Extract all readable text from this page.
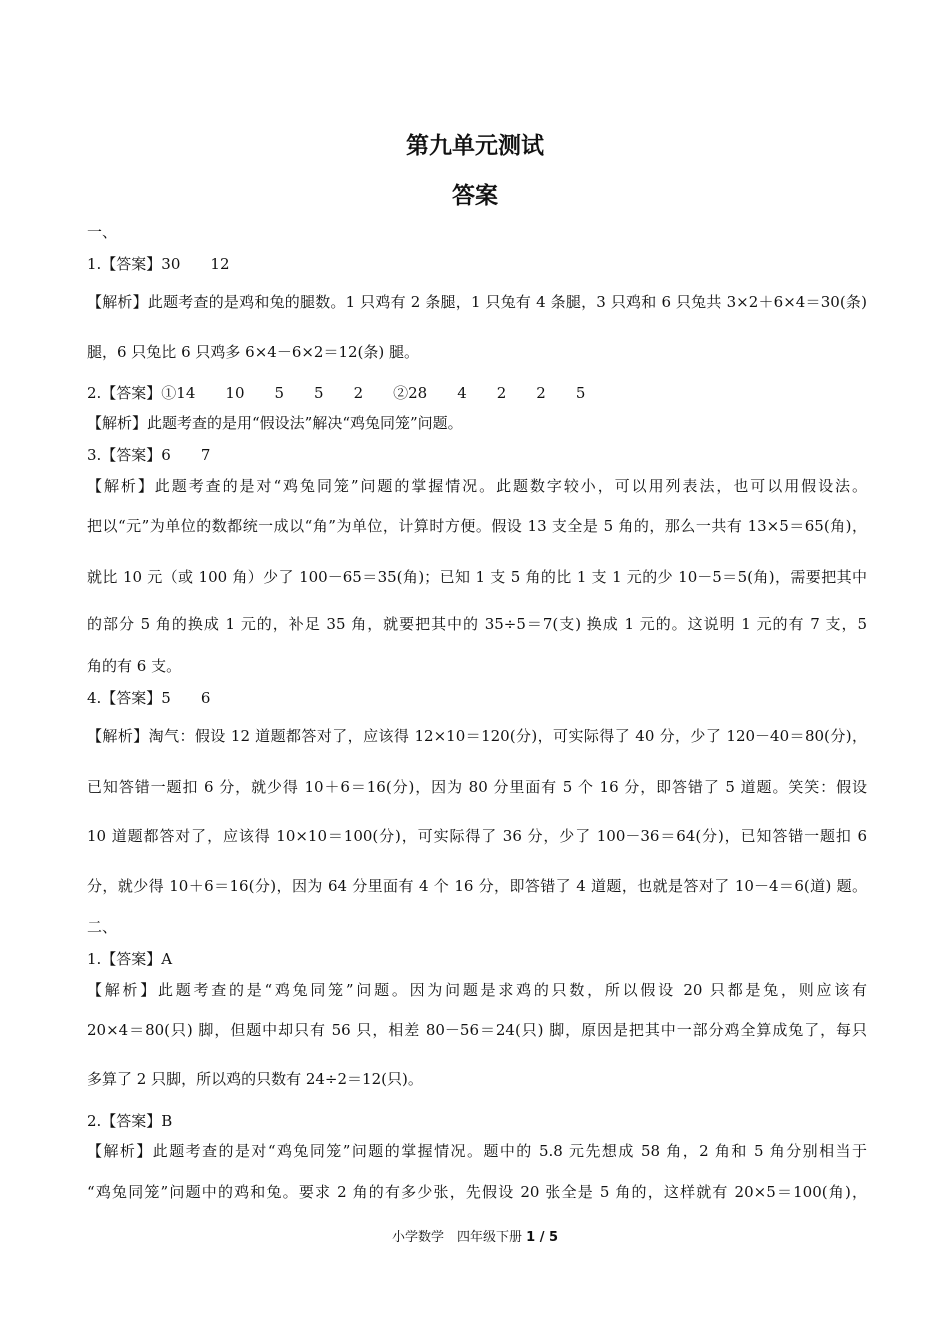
第九单元测试
答案
一、
1.【答案】30　　12
【解析】此题考查的是鸡和兔的腿数。1 只鸡有 2 条腿，1 只兔有 4 条腿，3 只鸡和 6 只兔共 3×2＋6×4＝30(条)
腿，6 只兔比 6 只鸡多 6×4－6×2＝12(条) 腿。
2.【答案】①14　　10　　5　　5　　2　　②28　　4　　2　　2　　5
【解析】此题考查的是用“假设法”解决“鸡兔同笼”问题。
3.【答案】6　　7
【解析】此题考查的是对“鸡兔同笼”问题的掌握情况。此题数字较小，可以用列表法，也可以用假设法。
把以“元”为单位的数都统一成以“角”为单位，计算时方便。假设 13 支全是 5 角的，那么一共有 13×5＝65(角)，
就比 10 元（或 100 角）少了 100－65＝35(角)；已知 1 支 5 角的比 1 支 1 元的少 10－5＝5(角)，需要把其中
的部分 5 角的换成 1 元的，补足 35 角，就要把其中的 35÷5＝7(支) 换成 1 元的。这说明 1 元的有 7 支，5
角的有 6 支。
4.【答案】5　　6
【解析】淘气：假设 12 道题都答对了，应该得 12×10＝120(分)，可实际得了 40 分，少了 120－40＝80(分)，
已知答错一题扣 6 分，就少得 10＋6＝16(分)，因为 80 分里面有 5 个 16 分，即答错了 5 道题。笑笑：假设
10 道题都答对了，应该得 10×10＝100(分)，可实际得了 36 分，少了 100－36＝64(分)，已知答错一题扣 6
分，就少得 10＋6＝16(分)，因为 64 分里面有 4 个 16 分，即答错了 4 道题，也就是答对了 10－4＝6(道) 题。
二、
1.【答案】A
【解析】此题考查的是“鸡兔同笼”问题。因为问题是求鸡的只数，所以假设 20 只都是兔，则应该有
20×4＝80(只) 脚，但题中却只有 56 只，相差 80－56＝24(只) 脚，原因是把其中一部分鸡全算成兔了，每只
多算了 2 只脚，所以鸡的只数有 24÷2＝12(只)。
2.【答案】B
【解析】此题考查的是对“鸡兔同笼”问题的掌握情况。题中的 5.8 元先想成 58 角，2 角和 5 角分别相当于
“鸡兔同笼”问题中的鸡和兔。要求 2 角的有多少张，先假设 20 张全是 5 角的，这样就有 20×5＝100(角)，
小学数学　四年级下册 1 / 5
